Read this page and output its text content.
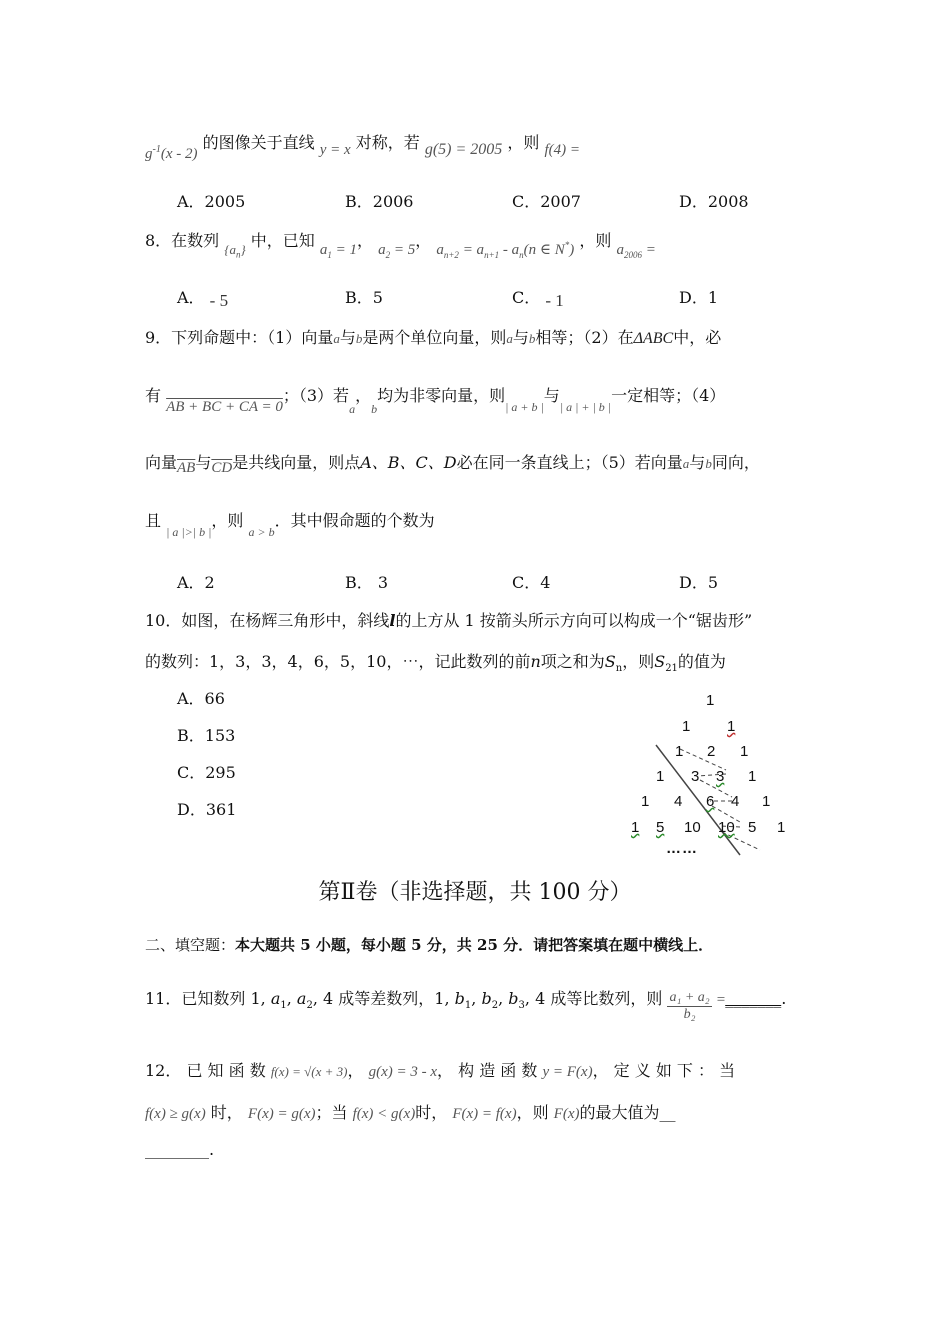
$g^{-1}(x - 2)$ 的图像关于直线 y = x 对称，若 g(5) = 2005 ，则 f(4) =
A．2005	B．2006	C．2007	D．2008
8．在数列 $_{\{a_n\}}$ 中，已知 $a_1 = 1$， $a_2 = 5$， $a_{n+2} = a_{n+1} - a_n(n$ ∈ N*) ，则 $a_{2006}$ =
A． - 5	B．5	C． - 1	D．1
9．下列命题中：（1）向量a与b是两个单位向量，则a与b相等；（2）在ΔABC中，必
有 AB + BC + CA = 0；（3）若$_a$，$_b$均为非零向量，则$_{| a + b |}$与$_{| a | + | b |}$一定相等；（4）
向量$\overline{AB}$与$\overline{CD}$是共线向量，则点A、B、C、D必在同一条直线上；（5）若向量a与b同向，
且 $_{| a |>| b |}$，则 $_{a > b}$．其中假命题的个数为
A．2	B． 3	C．4	D．5
10．如图，在杨辉三角形中，斜线l的上方从 1 按箭头所示方向可以构成一个“锯齿形”
的数列：1，3，3，4，6，5，10，⋯，记此数列的前n项之和为$S_n$，则$S_{21}$的值为
A．66
B．153
C．295
D．361
1
1 1
1 2 1
1 3 3 1
1 4 6 4 1
1 5 10 10 5 1
……
第Ⅱ卷（非选择题，共 100 分）
二、填空题：本大题共 5 小题，每小题 5 分，共 25 分．请把答案填在题中横线上．
11．已知数列 1, $a_1$, $a_2$, 4 成等差数列，1, $b_1$, $b_2$, $b_3$, 4 成等比数列，则 $\frac{\text{a₁ + a₂}}{\text{b₂}}$ =_______.
12． 已 知 函 数 f(x) = √(x + 3)， g(x) = 3 - x， 构 造 函 数 y = F(x)， 定 义 如 下 ： 当
f(x) ≥ g(x) 时， F(x) = g(x)；当 f(x) < g(x)时， F(x) = f(x)，则 F(x)的最大值为__
________.
